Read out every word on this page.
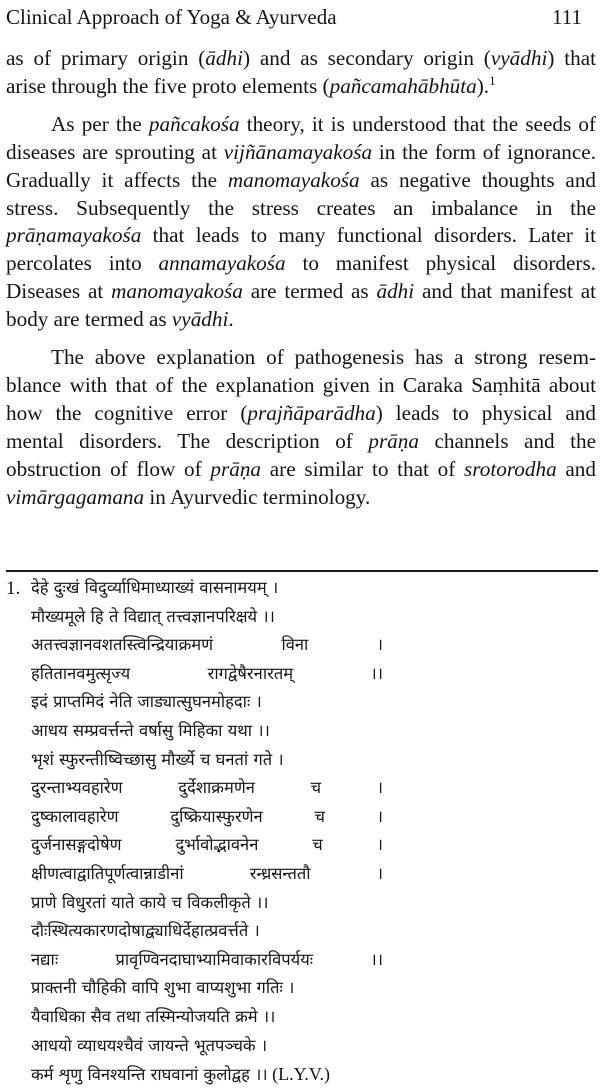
Clinical Approach of Yoga & Ayurveda	111

as of primary origin (ādhi) and as secondary origin (vyādhi) that arise through the five proto elements (pañcamahābhūta).$^1$

As per the pañcakośa theory, it is understood that the seeds of diseases are sprouting at vijñānamayakośa in the form of ignorance. Gradually it affects the manomayakośa as negative thoughts and stress. Subsequently the stress creates an imbalance in the prāṇamayakośa that leads to many functional disorders. Later it percolates into annamayakośa to manifest physical disorders. Diseases at manomayakośa are termed as ādhi and that manifest at body are termed as vyādhi.

The above explanation of pathogenesis has a strong resemblance with that of the explanation given in Caraka Saṃhitā about how the cognitive error (prajñāparādha) leads to physical and mental disorders. The description of prāṇa channels and the obstruction of flow of prāṇa are similar to that of srotorodha and vimārgagamana in Ayurvedic terminology.

1. देहे दुःखं विदुर्व्याधिमाध्याख्यं वासनामयम् ।
मौख्यमूले हि ते विद्यात् तत्त्वज्ञानपरिक्षये ।।
अतत्त्वज्ञानवशतस्त्विन्द्रियाक्रमणं विना ।
हतितानवमुत्सृज्य रागद्वेषैरनारतम् ।।
इदं प्राप्तमिदं नेति जाड्यात्सुघनमोहदाः ।
आधय सम्प्रवर्त्तन्ते वर्षासु मिहिका यथा ।।
भृशं स्फुरन्तीष्विच्छासु मौर्ख्ये च घनतां गते ।
दुरन्ताभ्यवहारेण दुर्देशाक्रमणेन च ।
दुष्कालावहारेण दुष्क्रियास्फुरणेन च ।
दुर्जनासङ्गदोषेण दुर्भावोद्भावनेन च ।
क्षीणत्वाद्वातिपूर्णत्वान्नाडीनां रन्ध्रसन्ततौ ।
प्राणे विधुरतां याते काये च विकलीकृते ।।
दौःस्थित्यकारणदोषाद्व्याधिर्देहात्प्रवर्त्तते ।
नद्याः प्रावृण्विनदाघाभ्यामिवाकारविपर्ययः ।।
प्राक्तनी चौहिकी वापि शुभा वाप्यशुभा गतिः ।
यैवाधिका सैव तथा तस्मिन्योजयति क्रमे ।।
आधयो व्याधयश्चैवं जायन्ते भूतपञ्चके ।
कर्म शृणु विनश्यन्ति राघवानां कुलोद्वह ।। (L.Y.V.)
